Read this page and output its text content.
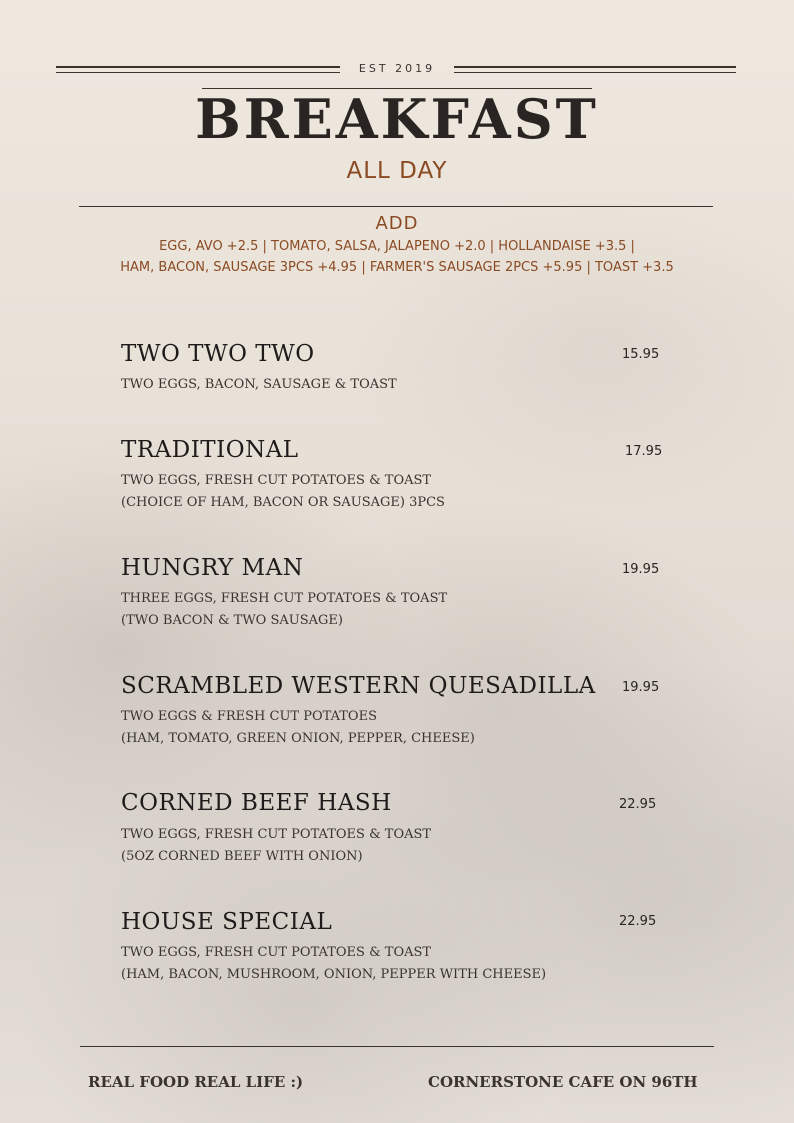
EST 2019
BREAKFAST
ALL DAY
ADD
EGG, AVO +2.5 | TOMATO, SALSA, JALAPENO +2.0 | HOLLANDAISE +3.5 |
HAM, BACON, SAUSAGE 3PCS +4.95 | FARMER'S SAUSAGE 2PCS +5.95 | TOAST +3.5
TWO TWO TWO	15.95
TWO EGGS, BACON, SAUSAGE & TOAST
TRADITIONAL	17.95
TWO EGGS, FRESH CUT POTATOES & TOAST
(CHOICE OF HAM, BACON OR SAUSAGE) 3PCS
HUNGRY MAN	19.95
THREE EGGS, FRESH CUT POTATOES & TOAST
(TWO BACON & TWO SAUSAGE)
SCRAMBLED WESTERN QUESADILLA 19.95
TWO EGGS & FRESH CUT POTATOES
(HAM, TOMATO, GREEN ONION, PEPPER, CHEESE)
CORNED BEEF HASH	22.95
TWO EGGS, FRESH CUT POTATOES & TOAST
(5OZ CORNED BEEF WITH ONION)
HOUSE SPECIAL	22.95
TWO EGGS, FRESH CUT POTATOES & TOAST
(HAM, BACON, MUSHROOM, ONION, PEPPER WITH CHEESE)
REAL FOOD REAL LIFE :)	CORNERSTONE CAFE ON 96TH
